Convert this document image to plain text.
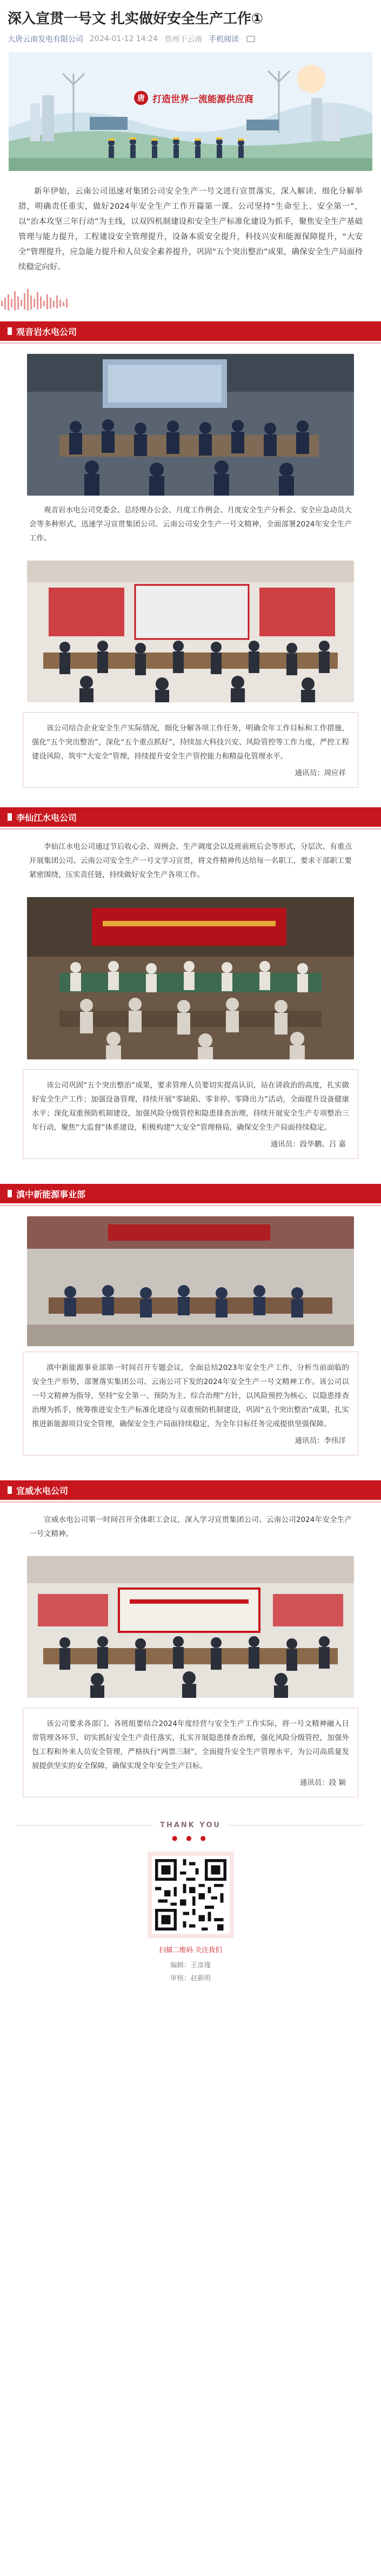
深入宣贯一号文 扎实做好安全生产工作①
大唐云南发电有限公司 2024-01-12 14:24 贵州于云南 手机阅读
唐 打造世界一流能源供应商

新年伊始，云南公司迅速对集团公司安全生产一号文进行宣贯落实，深入解读、细化分解举措，明确责任重实，做好2024年安全生产工作开篇第一课。公司坚持“生命至上、安全第一”，以“治本攻坚三年行动”为主线，以双四机制建设和安全生产标准化建设为抓手，聚焦安全生产基础管理与能力提升，工程建设安全管理提升，设备本质安全提升，科技兴安和能源保障提升，“大安全”管理提升，应急能力提升和人员安全素养提升，巩固“五个突出整治”成果，确保安全生产局面持续稳定向好。

观音岩水电公司

观音岩水电公司党委会、总经理办公会、月度工作例会、月度安全生产分析会、安全应急动员大会等多种形式，迅速学习宣贯集团公司、云南公司安全生产一号文精神，全面部署2024年安全生产工作。

该公司结合企业安全生产实际情况，细化分解各项工作任务，明确全年工作目标和工作措施，强化“五个突出整治”，深化“五个重点抓好”，持续加大科技兴安、风险管控等工作力度，严控工程建设风险，筑牢“大安全”管理，持续提升安全生产管控能力和精益化管理水平。

通讯员：周应祥
李仙江水电公司

李仙江水电公司通过节后收心会、周例会、生产调度会以及班前班后会等形式，分层次、有重点开展集团公司、云南公司安全生产一号文学习宣贯，将文件精神传达给每一名职工，要求干部职工要紧密围绕，压实责任链，持续做好安全生产各项工作。

该公司巩固“五个突出整治”成果，要求管理人员要切实提高认识，站在讲政治的高度，扎实做好安全生产工作；加强设备管理，持续开展“零缺陷、零非停、零降出力”活动，全面提升设备健康水平；深化双重预防机制建设，加强风险分级管控和隐患排查治理，持续开展安全生产专项整治三年行动，聚焦“大监督”体系建设，积极构建“大安全”管理格局，确保安全生产局面持续稳定。

通讯员：段华鹏、吕 嘉
滇中新能源事业部

滇中新能源事业部第一时间召开专题会议，全面总结2023年安全生产工作，分析当前面临的安全生产形势，部署落实集团公司、云南公司下发的2024年安全生产一号文精神工作。该公司以一号文精神为指导，坚持“安全第一、预防为主、综合治理”方针，以风险预控为核心，以隐患排查治理为抓手，统筹推进安全生产标准化建设与双重预防机制建设，巩固“五个突出整治”成果，扎实推进新能源项目安全管理，确保安全生产局面持续稳定，为全年目标任务完成提供坚强保障。

通讯员：李伟洋
宣威水电公司

宣威水电公司第一时间召开全体职工会议，深入学习宣贯集团公司、云南公司2024年安全生产一号文精神。

该公司要求各部门、各班组要结合2024年度经营与安全生产工作实际，将一号文精神融入日常管理各环节，切实抓好安全生产责任落实，扎实开展隐患排查治理，强化风险分级管控，加强外包工程和外来人员安全管理，严格执行“两票三制”，全面提升安全生产管理水平，为公司高质量发展提供坚实的安全保障，确保实现全年安全生产目标。

通讯员：段 颖
THANK YOU
● ● ●
扫描二维码 关注我们
编辑：王彦瑾
审核：赵新明
